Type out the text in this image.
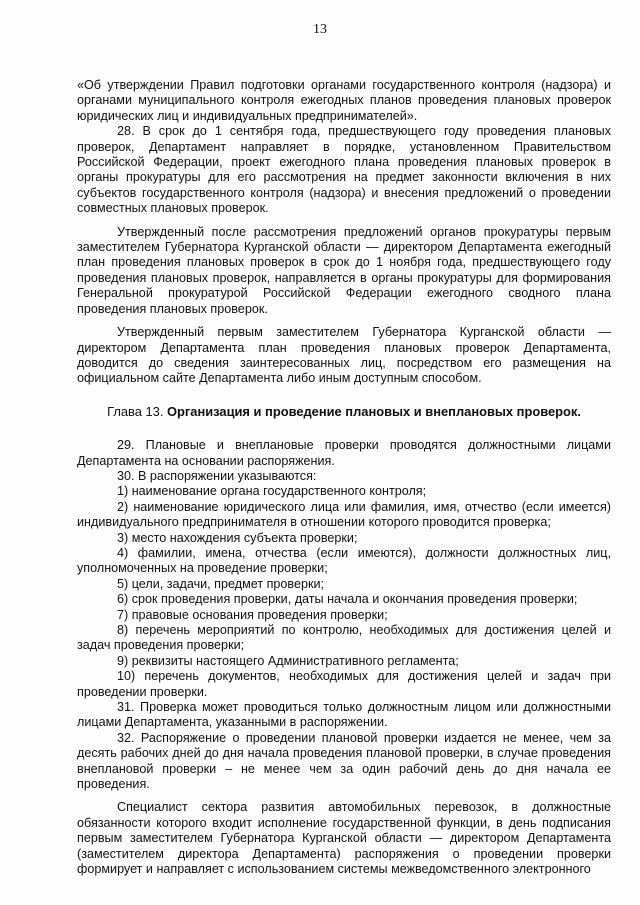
13

«Об утверждении Правил подготовки органами государственного контроля (надзора) и органами муниципального контроля ежегодных планов проведения плановых проверок юридических лиц и индивидуальных предпринимателей».

28. В срок до 1 сентября года, предшествующего году проведения плановых проверок, Департамент направляет в порядке, установленном Правительством Российской Федерации, проект ежегодного плана проведения плановых проверок в органы прокуратуры для его рассмотрения на предмет законности включения в них субъектов государственного контроля (надзора) и внесения предложений о проведении совместных плановых проверок.

Утвержденный после рассмотрения предложений органов прокуратуры первым заместителем Губернатора Курганской области — директором Департамента ежегодный план проведения плановых проверок в срок до 1 ноября года, предшествующего году проведения плановых проверок, направляется в органы прокуратуры для формирования Генеральной прокуратурой Российской Федерации ежегодного сводного плана проведения плановых проверок.

Утвержденный первым заместителем Губернатора Курганской области — директором Департамента план проведения плановых проверок Департамента, доводится до сведения заинтересованных лиц, посредством его размещения на официальном сайте Департамента либо иным доступным способом.

Глава 13. Организация и проведение плановых и внеплановых проверок.

29. Плановые и внеплановые проверки проводятся должностными лицами Департамента на основании распоряжения.

30. В распоряжении указываются:

1) наименование органа государственного контроля;

2) наименование юридического лица или фамилия, имя, отчество (если имеется) индивидуального предпринимателя в отношении которого проводится проверка;

3) место нахождения субъекта проверки;

4) фамилии, имена, отчества (если имеются), должности должностных лиц, уполномоченных на проведение проверки;

5) цели, задачи, предмет проверки;

6) срок проведения проверки, даты начала и окончания проведения проверки;

7) правовые основания проведения проверки;

8) перечень мероприятий по контролю, необходимых для достижения целей и задач проведения проверки;

9) реквизиты настоящего Административного регламента;

10) перечень документов, необходимых для достижения целей и задач при проведении проверки.

31. Проверка может проводиться только должностным лицом или должностными лицами Департамента, указанными в распоряжении.

32. Распоряжение о проведении плановой проверки издается не менее, чем за десять рабочих дней до дня начала проведения плановой проверки, в случае проведения внеплановой проверки – не менее чем за один рабочий день до дня начала ее проведения.

Специалист сектора развития автомобильных перевозок, в должностные обязанности которого входит исполнение государственной функции, в день подписания первым заместителем Губернатора Курганской области — директором Департамента (заместителем директора Департамента) распоряжения о проведении проверки формирует и направляет с использованием системы межведомственного электронного
